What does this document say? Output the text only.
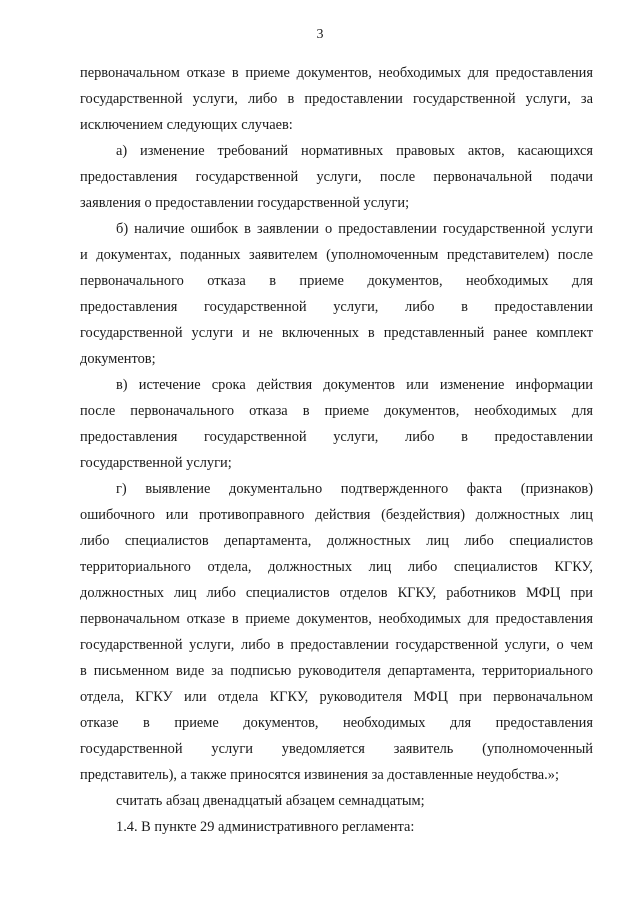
3
первоначальном отказе в приеме документов, необходимых для предоставления
государственной услуги, либо в предоставлении государственной услуги, за
исключением следующих случаев:
а) изменение требований нормативных правовых актов, касающихся
предоставления государственной услуги, после первоначальной подачи
заявления о предоставлении государственной услуги;
б) наличие ошибок в заявлении о предоставлении государственной услуги
и документах, поданных заявителем (уполномоченным представителем) после
первоначального отказа в приеме документов, необходимых для
предоставления государственной услуги, либо в предоставлении
государственной услуги и не включенных в представленный ранее комплект
документов;
в) истечение срока действия документов или изменение информации
после первоначального отказа в приеме документов, необходимых для
предоставления государственной услуги, либо в предоставлении
государственной услуги;
г) выявление документально подтвержденного факта (признаков)
ошибочного или противоправного действия (бездействия) должностных лиц
либо специалистов департамента, должностных лиц либо специалистов
территориального отдела, должностных лиц либо специалистов КГКУ,
должностных лиц либо специалистов отделов КГКУ, работников МФЦ при
первоначальном отказе в приеме документов, необходимых для предоставления
государственной услуги, либо в предоставлении государственной услуги, о чем
в письменном виде за подписью руководителя департамента, территориального
отдела, КГКУ или отдела КГКУ, руководителя МФЦ при первоначальном
отказе в приеме документов, необходимых для предоставления
государственной услуги уведомляется заявитель (уполномоченный
представитель), а также приносятся извинения за доставленные неудобства.»;
считать абзац двенадцатый абзацем семнадцатым;
1.4. В пункте 29 административного регламента:
